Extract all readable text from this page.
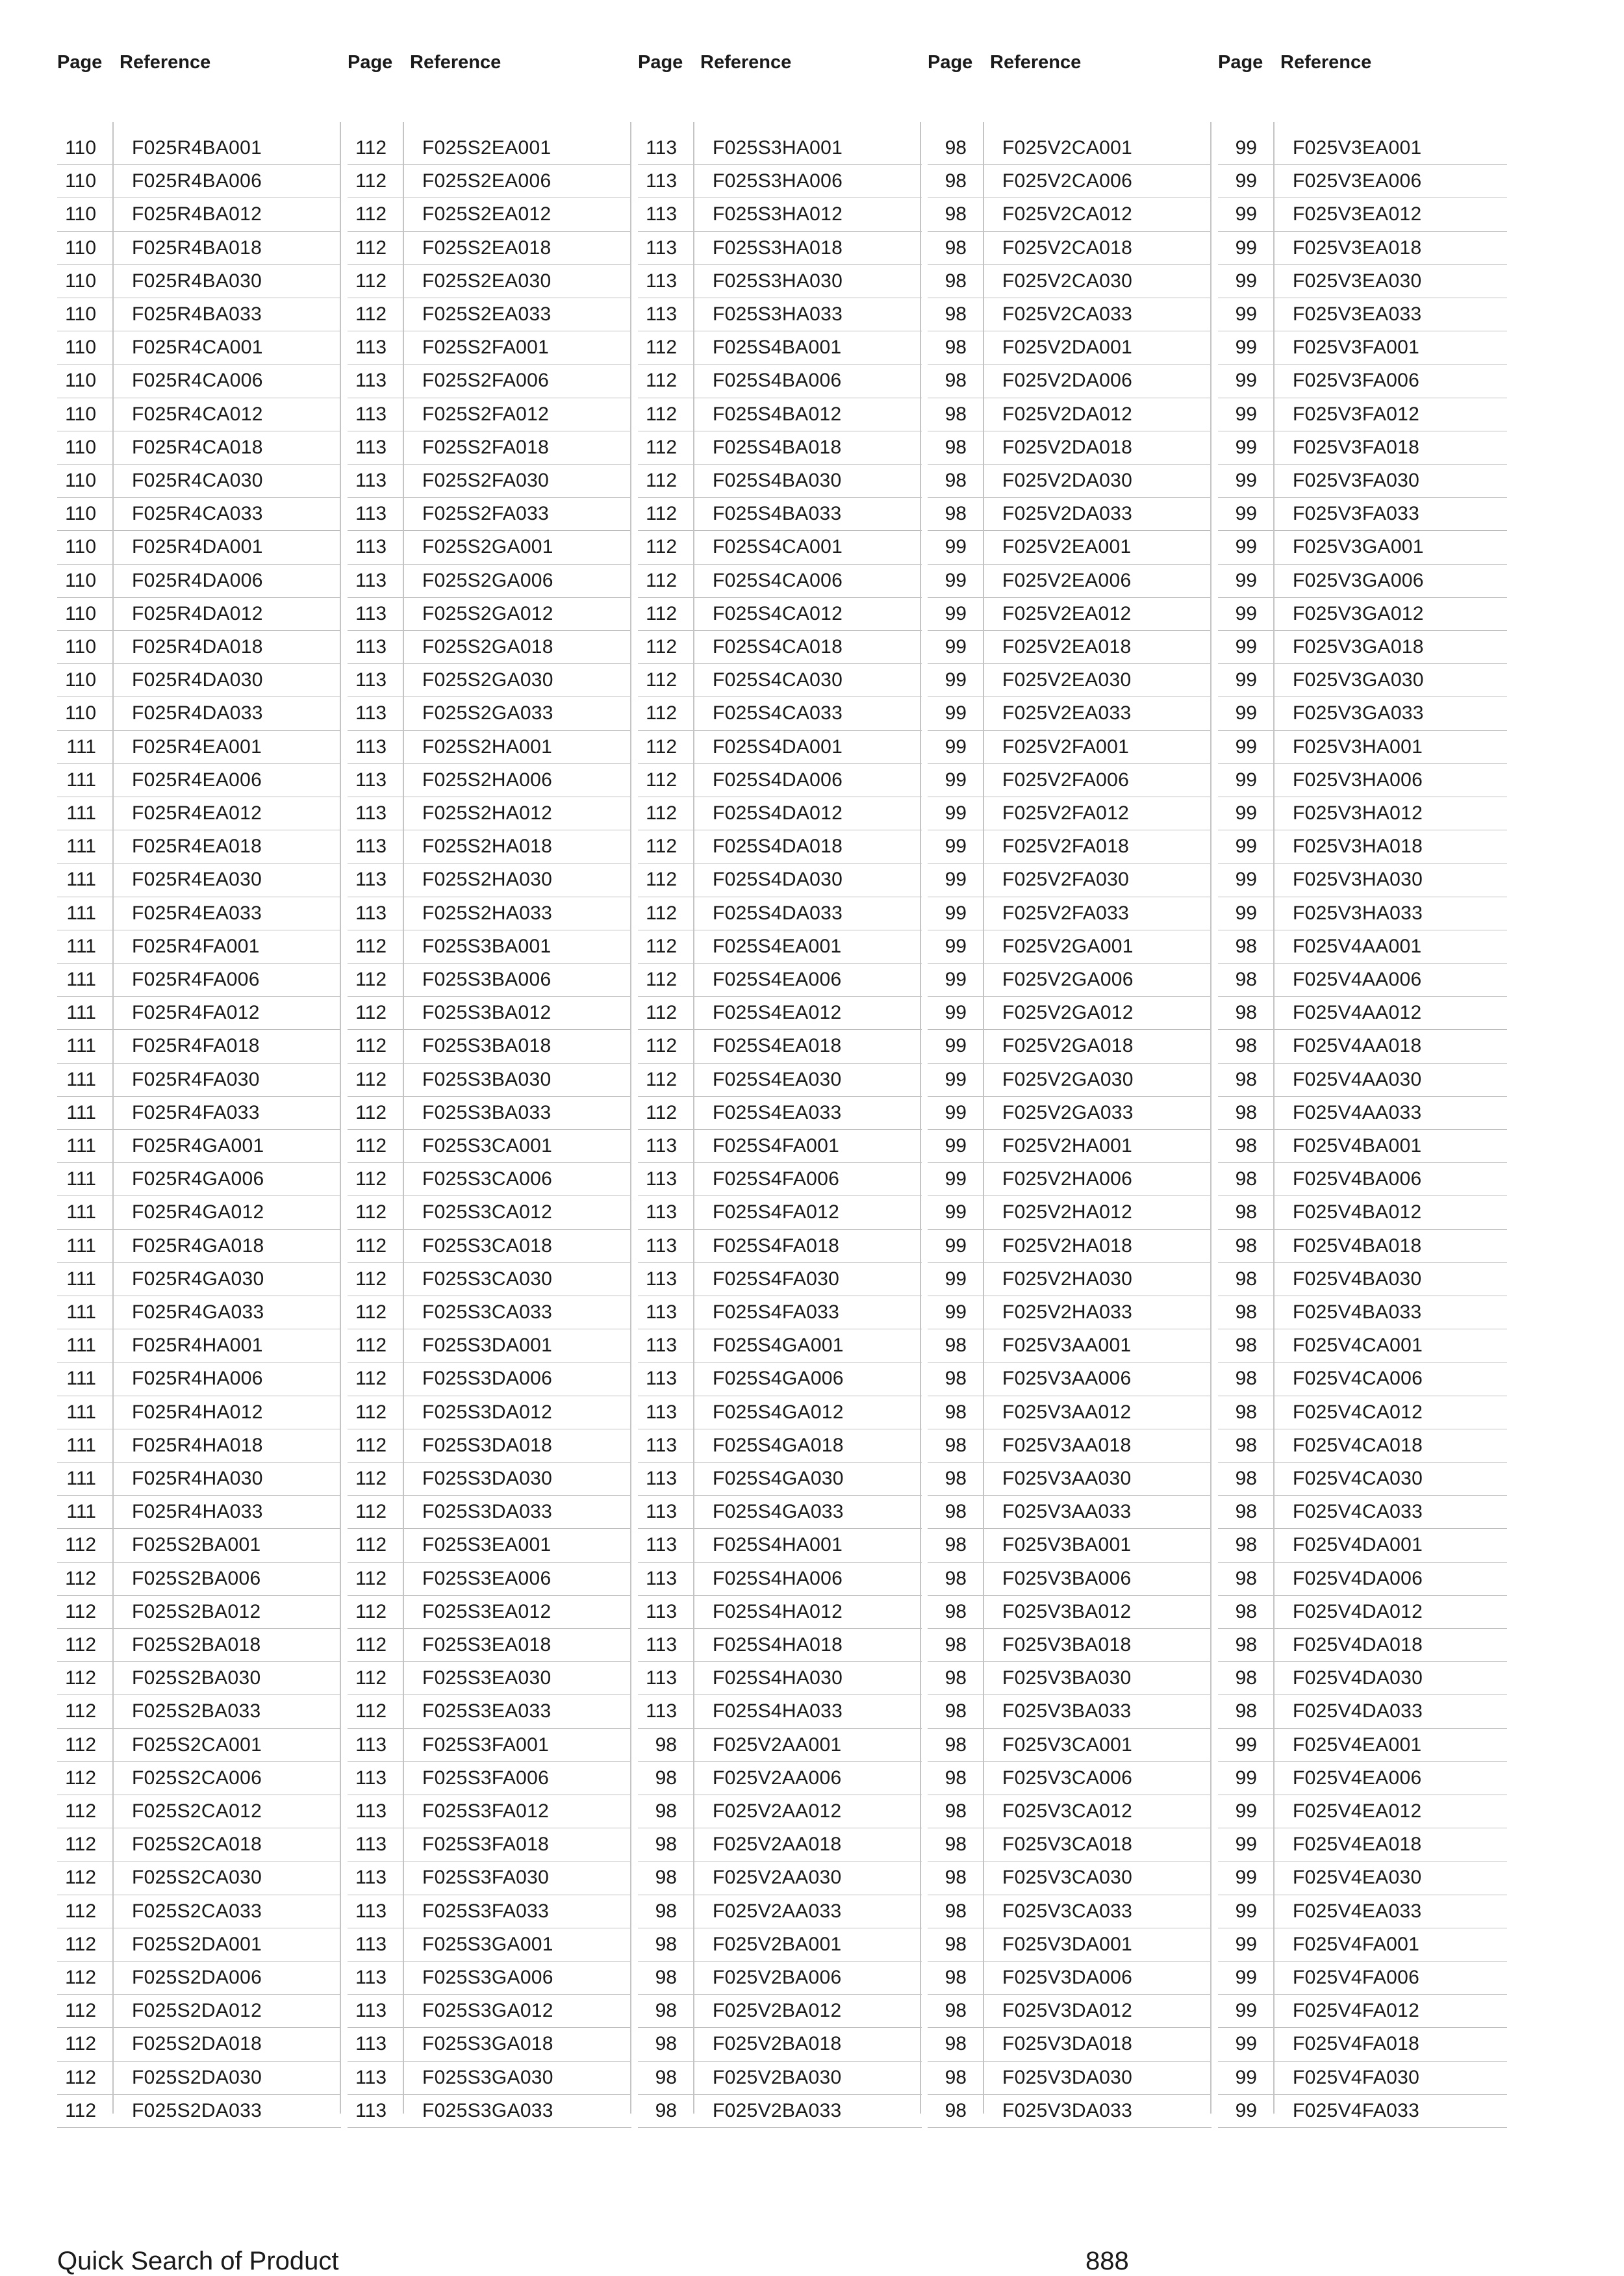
Page Reference	Page Reference	Page Reference	Page Reference	Page Reference
110 F025R4BA001
110 F025R4BA006
110 F025R4BA012
110 F025R4BA018
110 F025R4BA030
110 F025R4BA033
110 F025R4CA001
110 F025R4CA006
110 F025R4CA012
110 F025R4CA018
110 F025R4CA030
110 F025R4CA033
110 F025R4DA001
110 F025R4DA006
110 F025R4DA012
110 F025R4DA018
110 F025R4DA030
110 F025R4DA033
111 F025R4EA001
111 F025R4EA006
111 F025R4EA012
111 F025R4EA018
111 F025R4EA030
111 F025R4EA033
111 F025R4FA001
111 F025R4FA006
111 F025R4FA012
111 F025R4FA018
111 F025R4FA030
111 F025R4FA033
111 F025R4GA001
111 F025R4GA006
111 F025R4GA012
111 F025R4GA018
111 F025R4GA030
111 F025R4GA033
111 F025R4HA001
111 F025R4HA006
111 F025R4HA012
111 F025R4HA018
111 F025R4HA030
111 F025R4HA033
112 F025S2BA001
112 F025S2BA006
112 F025S2BA012
112 F025S2BA018
112 F025S2BA030
112 F025S2BA033
112 F025S2CA001
112 F025S2CA006
112 F025S2CA012
112 F025S2CA018
112 F025S2CA030
112 F025S2CA033
112 F025S2DA001
112 F025S2DA006
112 F025S2DA012
112 F025S2DA018
112 F025S2DA030
112 F025S2DA033
112 F025S2EA001
112 F025S2EA006
112 F025S2EA012
112 F025S2EA018
112 F025S2EA030
112 F025S2EA033
113 F025S2FA001
113 F025S2FA006
113 F025S2FA012
113 F025S2FA018
113 F025S2FA030
113 F025S2FA033
113 F025S2GA001
113 F025S2GA006
113 F025S2GA012
113 F025S2GA018
113 F025S2GA030
113 F025S2GA033
113 F025S2HA001
113 F025S2HA006
113 F025S2HA012
113 F025S2HA018
113 F025S2HA030
113 F025S2HA033
112 F025S3BA001
112 F025S3BA006
112 F025S3BA012
112 F025S3BA018
112 F025S3BA030
112 F025S3BA033
112 F025S3CA001
112 F025S3CA006
112 F025S3CA012
112 F025S3CA018
112 F025S3CA030
112 F025S3CA033
112 F025S3DA001
112 F025S3DA006
112 F025S3DA012
112 F025S3DA018
112 F025S3DA030
112 F025S3DA033
112 F025S3EA001
112 F025S3EA006
112 F025S3EA012
112 F025S3EA018
112 F025S3EA030
112 F025S3EA033
113 F025S3FA001
113 F025S3FA006
113 F025S3FA012
113 F025S3FA018
113 F025S3FA030
113 F025S3FA033
113 F025S3GA001
113 F025S3GA006
113 F025S3GA012
113 F025S3GA018
113 F025S3GA030
113 F025S3GA033
113 F025S3HA001
113 F025S3HA006
113 F025S3HA012
113 F025S3HA018
113 F025S3HA030
113 F025S3HA033
112 F025S4BA001
112 F025S4BA006
112 F025S4BA012
112 F025S4BA018
112 F025S4BA030
112 F025S4BA033
112 F025S4CA001
112 F025S4CA006
112 F025S4CA012
112 F025S4CA018
112 F025S4CA030
112 F025S4CA033
112 F025S4DA001
112 F025S4DA006
112 F025S4DA012
112 F025S4DA018
112 F025S4DA030
112 F025S4DA033
112 F025S4EA001
112 F025S4EA006
112 F025S4EA012
112 F025S4EA018
112 F025S4EA030
112 F025S4EA033
113 F025S4FA001
113 F025S4FA006
113 F025S4FA012
113 F025S4FA018
113 F025S4FA030
113 F025S4FA033
113 F025S4GA001
113 F025S4GA006
113 F025S4GA012
113 F025S4GA018
113 F025S4GA030
113 F025S4GA033
113 F025S4HA001
113 F025S4HA006
113 F025S4HA012
113 F025S4HA018
113 F025S4HA030
113 F025S4HA033
98 F025V2AA001
98 F025V2AA006
98 F025V2AA012
98 F025V2AA018
98 F025V2AA030
98 F025V2AA033
98 F025V2BA001
98 F025V2BA006
98 F025V2BA012
98 F025V2BA018
98 F025V2BA030
98 F025V2BA033
98 F025V2CA001
98 F025V2CA006
98 F025V2CA012
98 F025V2CA018
98 F025V2CA030
98 F025V2CA033
98 F025V2DA001
98 F025V2DA006
98 F025V2DA012
98 F025V2DA018
98 F025V2DA030
98 F025V2DA033
99 F025V2EA001
99 F025V2EA006
99 F025V2EA012
99 F025V2EA018
99 F025V2EA030
99 F025V2EA033
99 F025V2FA001
99 F025V2FA006
99 F025V2FA012
99 F025V2FA018
99 F025V2FA030
99 F025V2FA033
99 F025V2GA001
99 F025V2GA006
99 F025V2GA012
99 F025V2GA018
99 F025V2GA030
99 F025V2GA033
99 F025V2HA001
99 F025V2HA006
99 F025V2HA012
99 F025V2HA018
99 F025V2HA030
99 F025V2HA033
98 F025V3AA001
98 F025V3AA006
98 F025V3AA012
98 F025V3AA018
98 F025V3AA030
98 F025V3AA033
98 F025V3BA001
98 F025V3BA006
98 F025V3BA012
98 F025V3BA018
98 F025V3BA030
98 F025V3BA033
98 F025V3CA001
98 F025V3CA006
98 F025V3CA012
98 F025V3CA018
98 F025V3CA030
98 F025V3CA033
98 F025V3DA001
98 F025V3DA006
98 F025V3DA012
98 F025V3DA018
98 F025V3DA030
98 F025V3DA033
99 F025V3EA001
99 F025V3EA006
99 F025V3EA012
99 F025V3EA018
99 F025V3EA030
99 F025V3EA033
99 F025V3FA001
99 F025V3FA006
99 F025V3FA012
99 F025V3FA018
99 F025V3FA030
99 F025V3FA033
99 F025V3GA001
99 F025V3GA006
99 F025V3GA012
99 F025V3GA018
99 F025V3GA030
99 F025V3GA033
99 F025V3HA001
99 F025V3HA006
99 F025V3HA012
99 F025V3HA018
99 F025V3HA030
99 F025V3HA033
98 F025V4AA001
98 F025V4AA006
98 F025V4AA012
98 F025V4AA018
98 F025V4AA030
98 F025V4AA033
98 F025V4BA001
98 F025V4BA006
98 F025V4BA012
98 F025V4BA018
98 F025V4BA030
98 F025V4BA033
98 F025V4CA001
98 F025V4CA006
98 F025V4CA012
98 F025V4CA018
98 F025V4CA030
98 F025V4CA033
98 F025V4DA001
98 F025V4DA006
98 F025V4DA012
98 F025V4DA018
98 F025V4DA030
98 F025V4DA033
99 F025V4EA001
99 F025V4EA006
99 F025V4EA012
99 F025V4EA018
99 F025V4EA030
99 F025V4EA033
99 F025V4FA001
99 F025V4FA006
99 F025V4FA012
99 F025V4FA018
99 F025V4FA030
99 F025V4FA033
Quick Search of Product	888
